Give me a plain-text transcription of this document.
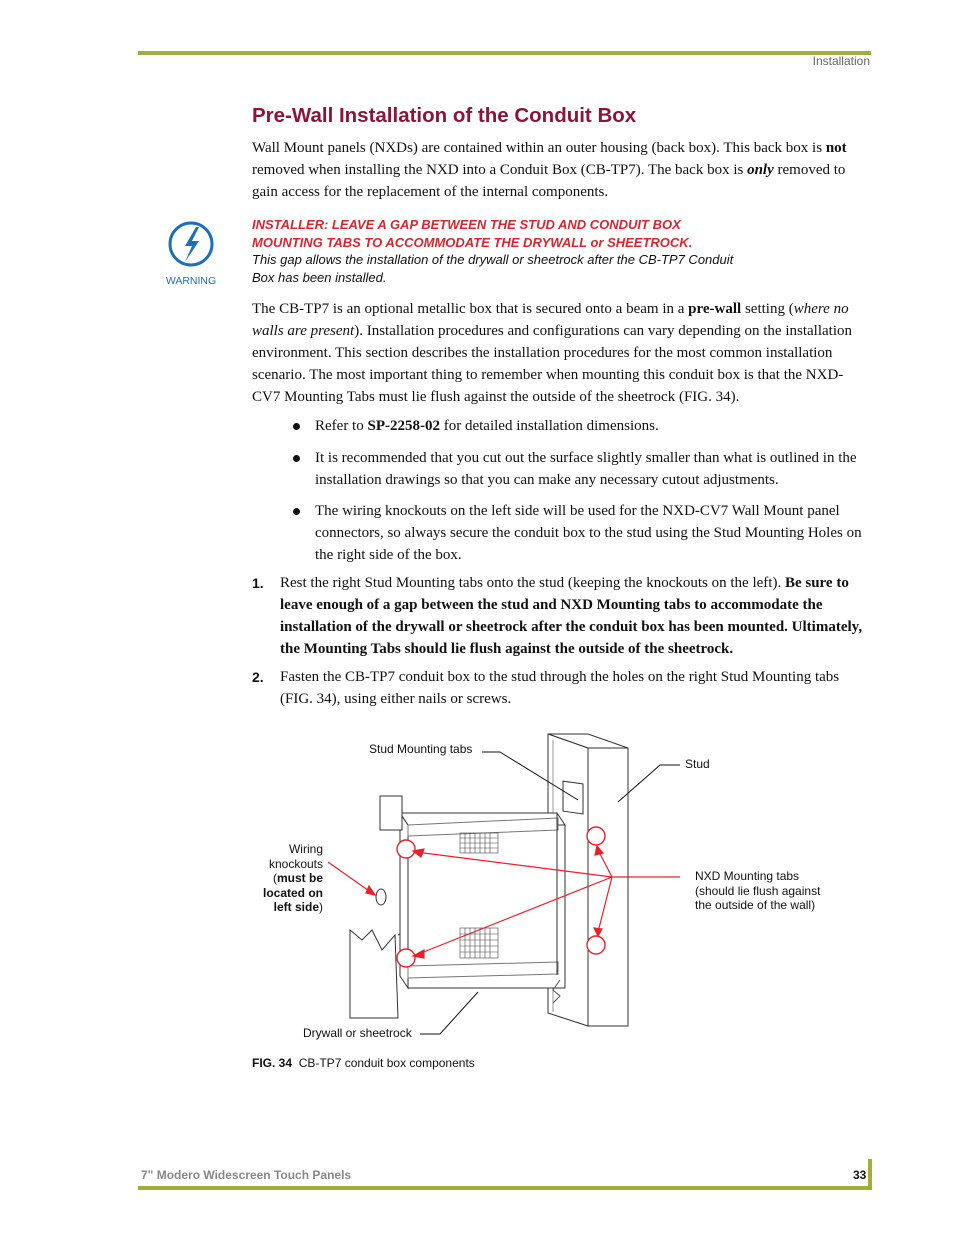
Installation
Pre-Wall Installation of the Conduit Box

Wall Mount panels (NXDs) are contained within an outer housing (back box). This back box is not removed when installing the NXD into a Conduit Box (CB-TP7). The back box is only removed to gain access for the replacement of the internal components.

WARNING
INSTALLER: LEAVE A GAP BETWEEN THE STUD AND CONDUIT BOX
MOUNTING TABS TO ACCOMMODATE THE DRYWALL or SHEETROCK.
This gap allows the installation of the drywall or sheetrock after the CB-TP7 Conduit
Box has been installed.

The CB-TP7 is an optional metallic box that is secured onto a beam in a pre-wall setting (where no walls are present). Installation procedures and configurations can vary depending on the installation environment. This section describes the installation procedures for the most common installation scenario. The most important thing to remember when mounting this conduit box is that the NXD-CV7 Mounting Tabs must lie flush against the outside of the sheetrock (FIG. 34).

Refer to SP-2258-02 for detailed installation dimensions.
It is recommended that you cut out the surface slightly smaller than what is outlined in the installation drawings so that you can make any necessary cutout adjustments.
The wiring knockouts on the left side will be used for the NXD-CV7 Wall Mount panel connectors, so always secure the conduit box to the stud using the Stud Mounting Holes on the right side of the box.
1. Rest the right Stud Mounting tabs onto the stud (keeping the knockouts on the left). Be sure to leave enough of a gap between the stud and NXD Mounting tabs to accommodate the installation of the drywall or sheetrock after the conduit box has been mounted. Ultimately, the Mounting Tabs should lie flush against the outside of the sheetrock.
2. Fasten the CB-TP7 conduit box to the stud through the holes on the right Stud Mounting tabs (FIG. 34), using either nails or screws.
Stud Mounting tabs
Stud
Wiring
knockouts
(must be
located on
left side)
NXD Mounting tabs
(should lie flush against
the outside of the wall)
Drywall or sheetrock
FIG. 34 CB-TP7 conduit box components
7" Modero Widescreen Touch Panels	33
